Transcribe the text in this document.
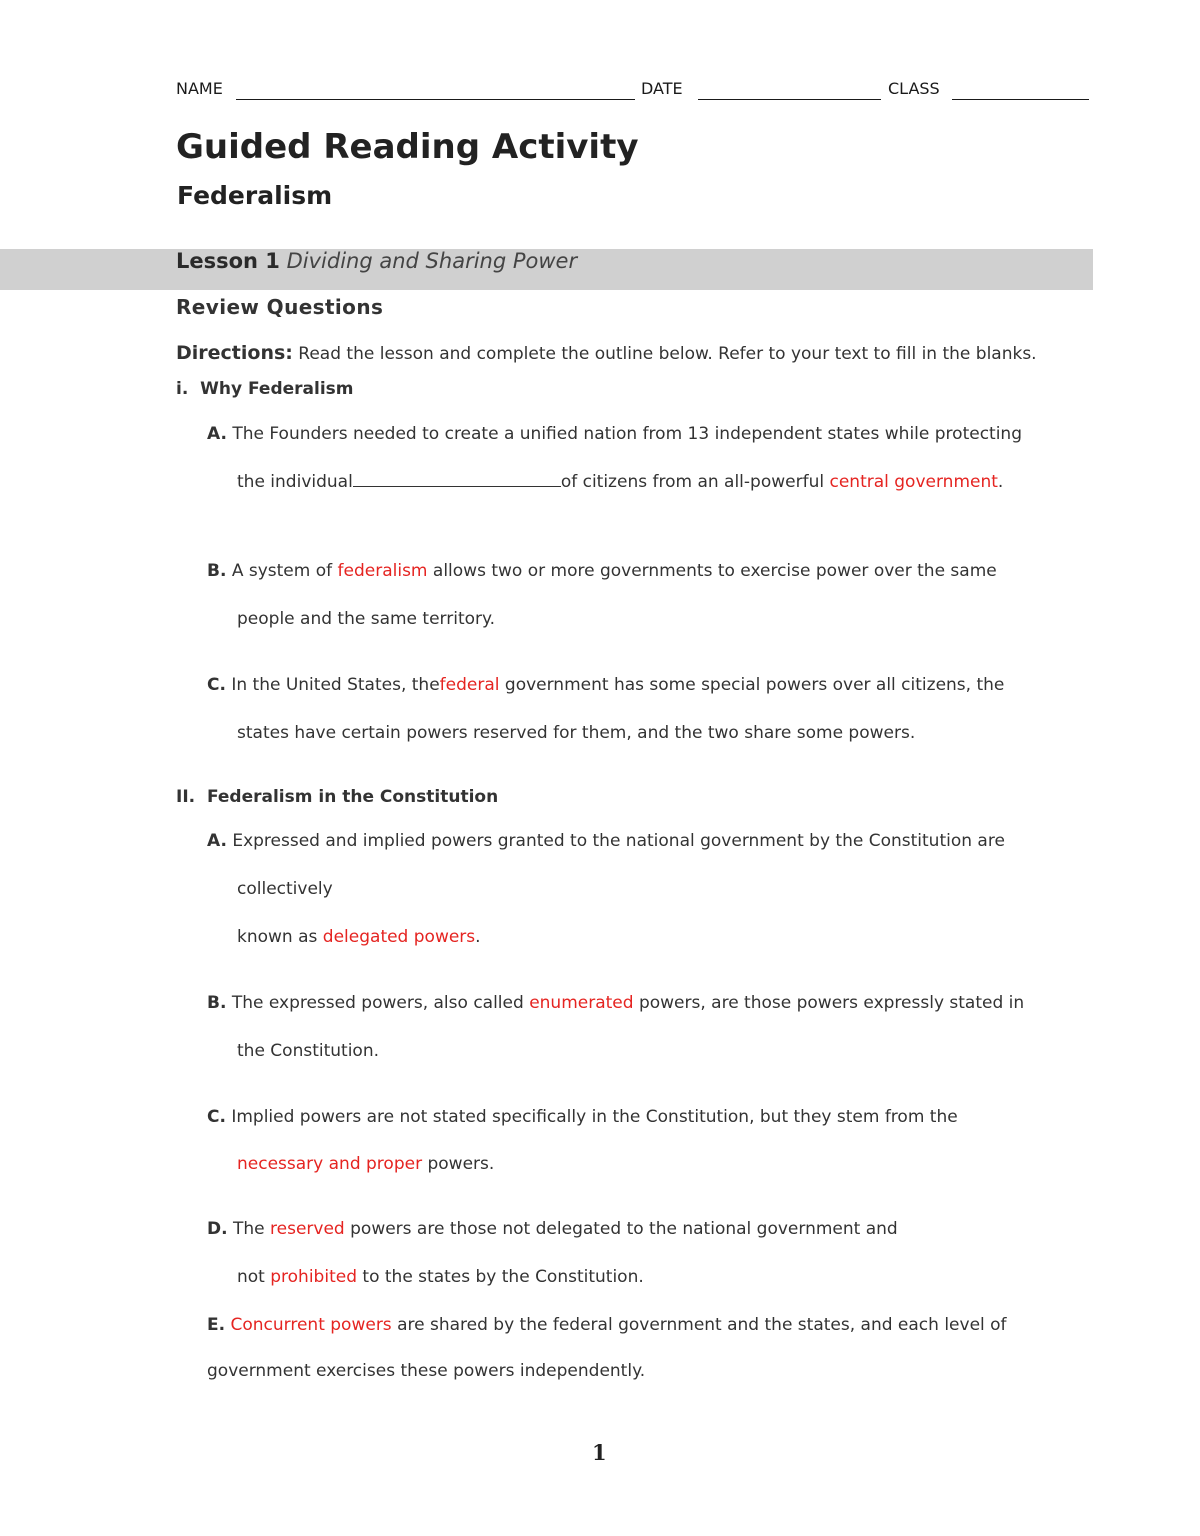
NAME	DATE	CLASS
Guided Reading Activity
Federalism
Lesson 1 Dividing and Sharing Power
Review Questions
Directions: Read the lesson and complete the outline below. Refer to your text to fill in the blanks.
i. Why Federalism
A. The Founders needed to create a unified nation from 13 independent states while protecting
the individual	of citizens from an all-powerful central government.
B. A system of federalism allows two or more governments to exercise power over the same
people and the same territory.
C. In the United States, thefederal government has some special powers over all citizens, the
states have certain powers reserved for them, and the two share some powers.
II. Federalism in the Constitution
A. Expressed and implied powers granted to the national government by the Constitution are
collectively
known as delegated powers.
B. The expressed powers, also called enumerated powers, are those powers expressly stated in
the Constitution.
C. Implied powers are not stated specifically in the Constitution, but they stem from the
necessary and proper powers.
D. The reserved powers are those not delegated to the national government and
not prohibited to the states by the Constitution.
E. Concurrent powers are shared by the federal government and the states, and each level of
government exercises these powers independently.
1
